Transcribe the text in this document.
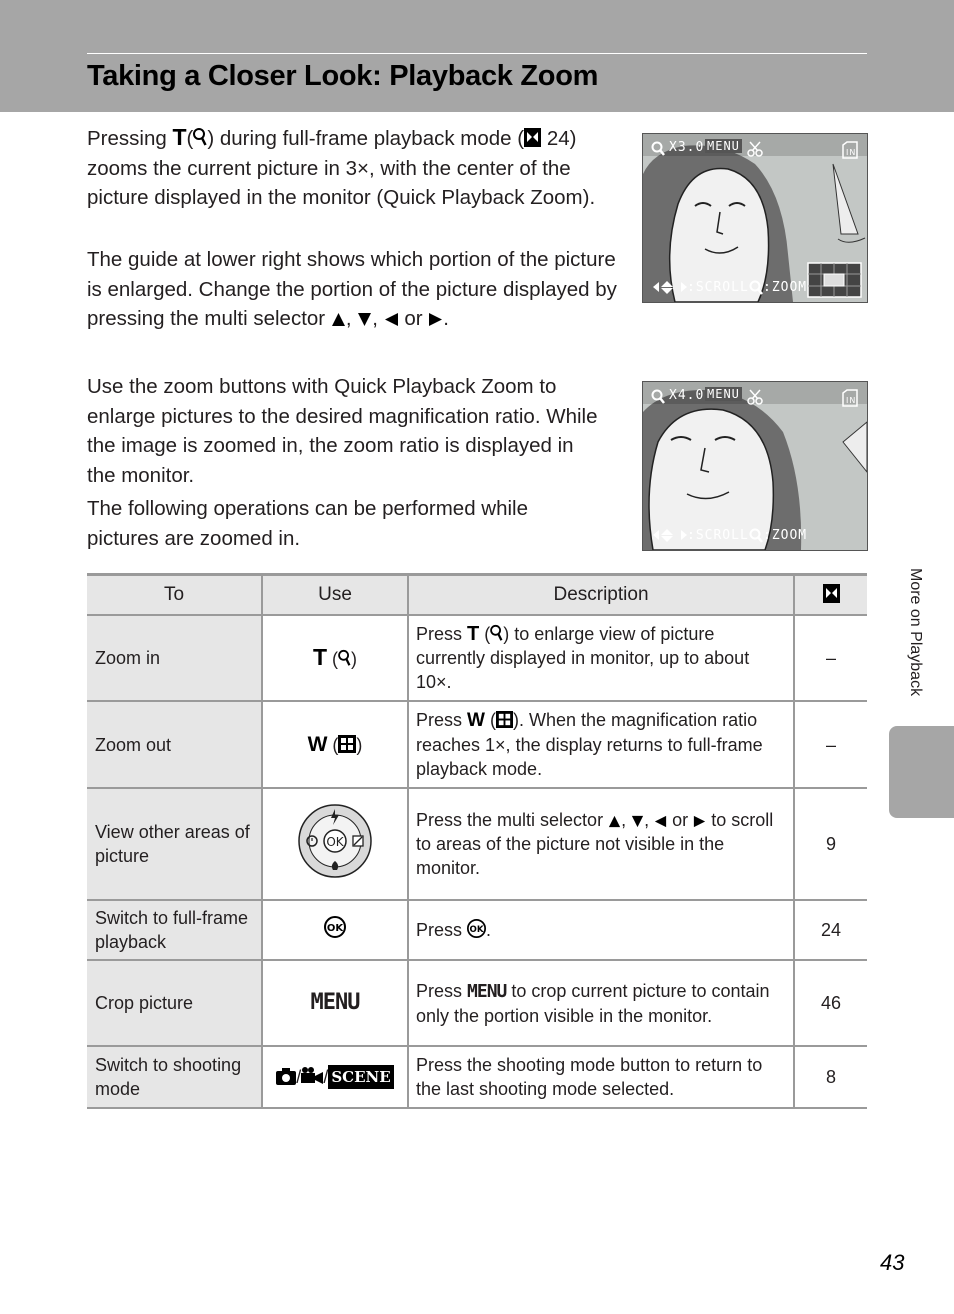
Taking a Closer Look: Playback Zoom

Pressing T( ) during full-frame playback mode ( 24) zooms the current picture in 3×, with the center of the picture displayed in the monitor (Quick Playback Zoom).

The guide at lower right shows which portion of the picture is enlarged. Change the portion of the picture displayed by pressing the multi selector , , or .

Use the zoom buttons with Quick Playback Zoom to enlarge pictures to the desired magnification ratio. While the image is zoomed in, the zoom ratio is displayed in the monitor.

The following operations can be performed while pictures are zoomed in.

X3.0 MENU	IN
:SCROLL :ZOOM
X4.0 MENU	IN
:SCROLL :ZOOM
To	Use	Description	
Zoom in	T ( )	Press T ( ) to enlarge view of picture currently displayed in monitor, up to about 10×.	–
Zoom out	W ( )	Press W ( ). When the magnification ratio reaches 1×, the display returns to full-frame playback mode.	–
View other areas of picture	OK	Press the multi selector , , or to scroll to areas of the picture not visible in the monitor.	9
Switch to full-frame playback	OK	Press OK .	24
Crop picture	MENU	Press MENU to crop current picture to contain only the portion visible in the monitor.	46
Switch to shooting mode	/ / SCENE	Press the shooting mode button to return to the last shooting mode selected.	8
More on Playback
43
